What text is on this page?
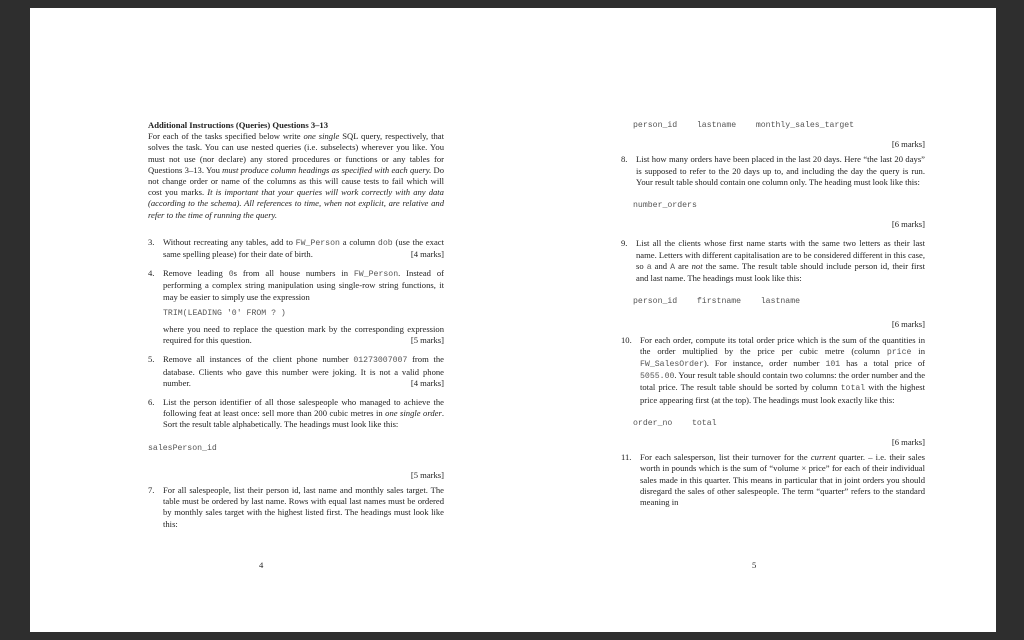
Additional Instructions (Queries) Questions 3–13
For each of the tasks specified below write one single SQL query, respectively, that solves the task. You can use nested queries (i.e. subselects) wherever you like. You must not use (nor declare) any stored procedures or functions or any tables for Questions 3–13. You must produce column headings as specified with each query. Do not change order or name of the columns as this will cause tests to fail which will cost you marks. It is important that your queries will work correctly with any data (according to the schema). All references to time, when not explicit, are relative and refer to the time of running the query.
3. Without recreating any tables, add to FW_Person a column dob (use the exact same spelling please) for their date of birth.	[4 marks]
4. Remove leading 0s from all house numbers in FW_Person. Instead of performing a complex string manipulation using single-row string functions, it may be easier to simply use the expression
TRIM(LEADING '0' FROM ? )
where you need to replace the question mark by the corresponding expression required for this question.	[5 marks]
5. Remove all instances of the client phone number 01273007007 from the database. Clients who gave this number were joking. It is not a valid phone number.	[4 marks]
6. List the person identifier of all those salespeople who managed to achieve the following feat at least once: sell more than 200 cubic metres in one single order. Sort the result table alphabetically. The headings must look like this:
salesPerson_id
[5 marks]
7. For all salespeople, list their person id, last name and monthly sales target. The table must be ordered by last name. Rows with equal last names must be ordered by monthly sales target with the highest listed first. The headings must look like this:
4
person_id    lastname    monthly_sales_target
[6 marks]
8. List how many orders have been placed in the last 20 days. Here “the last 20 days” is supposed to refer to the 20 days up to, and including the day the query is run. Your result table should contain one column only. The heading must look like this:
number_orders
[6 marks]
9. List all the clients whose first name starts with the same two letters as their last name. Letters with different capitalisation are to be considered different in this case, so a and A are not the same. The result table should include person id, their first and last name. The headings must look like this:
person_id    firstname    lastname
[6 marks]
10. For each order, compute its total order price which is the sum of the quantities in the order multiplied by the price per cubic metre (column price in FW_SalesOrder). For instance, order number 101 has a total price of 5055.00. Your result table should contain two columns: the order number and the total price. The result table should be sorted by column total with the highest price appearing first (at the top). The headings must look exactly like this:
order_no    total
[6 marks]
11. For each salesperson, list their turnover for the current quarter. – i.e. their sales worth in pounds which is the sum of “volume × price” for each of their individual sales made in this quarter. This means in particular that in joint orders you should disregard the sales of other salespeople. The term “quarter” refers to the standard meaning in
5
